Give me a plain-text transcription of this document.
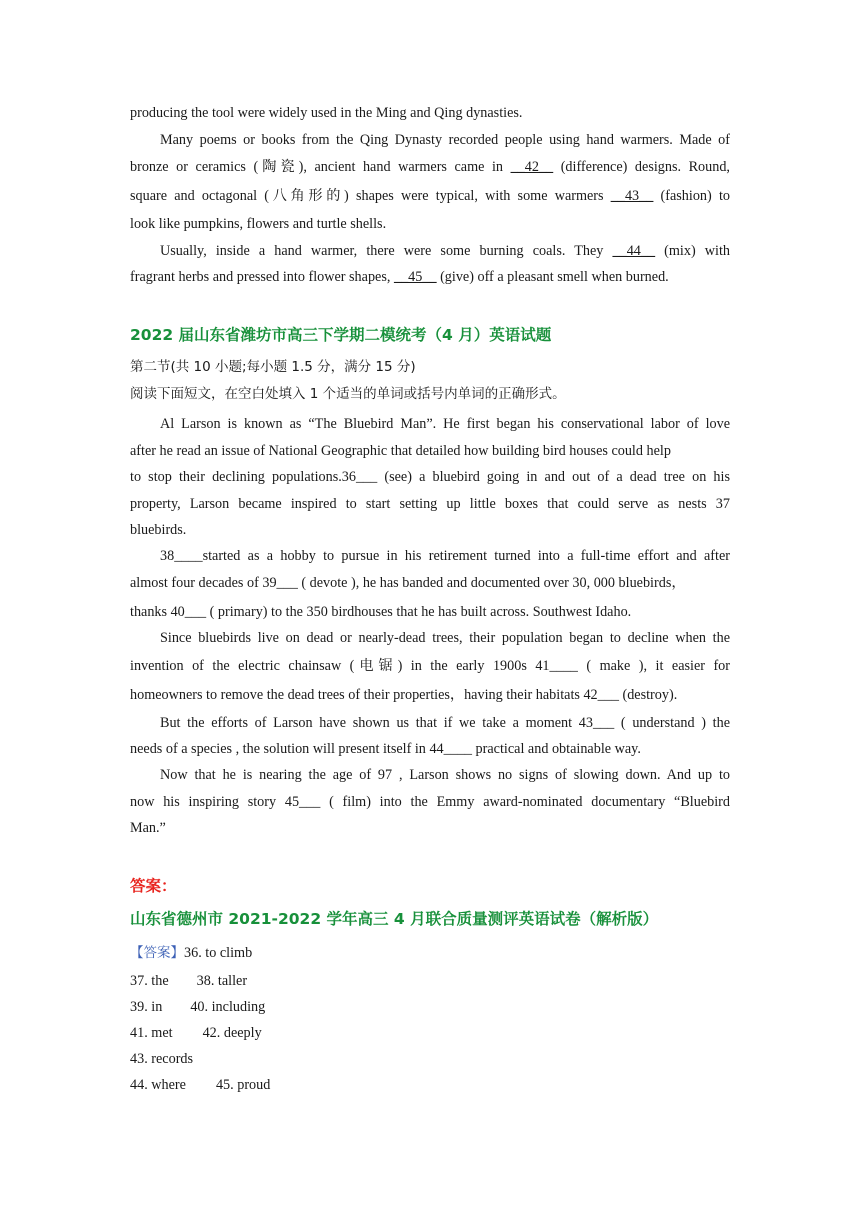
producing the tool were widely used in the Ming and Qing dynasties.
Many poems or books from the Qing Dynasty recorded people using hand warmers. Made of
bronze or ceramics (陶瓷), ancient hand warmers came in __42__ (difference) designs. Round,
square and octagonal (八角形的) shapes were typical, with some warmers __43__ (fashion) to
look like pumpkins, flowers and turtle shells.
Usually, inside a hand warmer, there were some burning coals. They __44__ (mix) with
fragrant herbs and pressed into flower shapes, __45__ (give) off a pleasant smell when burned.
2022 届山东省潍坊市高三下学期二模统考（4 月）英语试题
第二节(共 10 小题;每小题 1.5 分，满分 15 分)
阅读下面短文，在空白处填入 1 个适当的单词或括号内单词的正确形式。
Al Larson is known as “The Bluebird Man”. He first began his conservational labor of love
after he read an issue of National Geographic that detailed how building bird houses could help
to stop their declining populations.36___ (see) a bluebird going in and out of a dead tree on his
property, Larson became inspired to start setting up little boxes that could serve as nests 37
bluebirds.
38____started as a hobby to pursue in his retirement turned into a full-time effort and after
almost four decades of 39___ ( devote ), he has banded and documented over 30, 000 bluebirds，
thanks 40___ ( primary) to the 350 birdhouses that he has built across. Southwest Idaho.
Since bluebirds live on dead or nearly-dead trees, their population began to decline when the
invention of the electric chainsaw (电锯) in the early 1900s 41____ ( make ), it easier for
homeowners to remove the dead trees of their properties，having their habitats 42___ (destroy).
But the efforts of Larson have shown us that if we take a moment 43___ ( understand ) the
needs of a species , the solution will present itself in 44____ practical and obtainable way.
Now that he is nearing the age of 97 , Larson shows no signs of slowing down. And up to
now his inspiring story 45___ ( film) into the Emmy award-nominated documentary “Bluebird
Man.”
答案：
山东省德州市 2021-2022 学年高三 4 月联合质量测评英语试卷（解析版）
【答案】36. to climb
37. the 38. taller
39. in 40. including
41. met 42. deeply
43. records
44. where 45. proud
